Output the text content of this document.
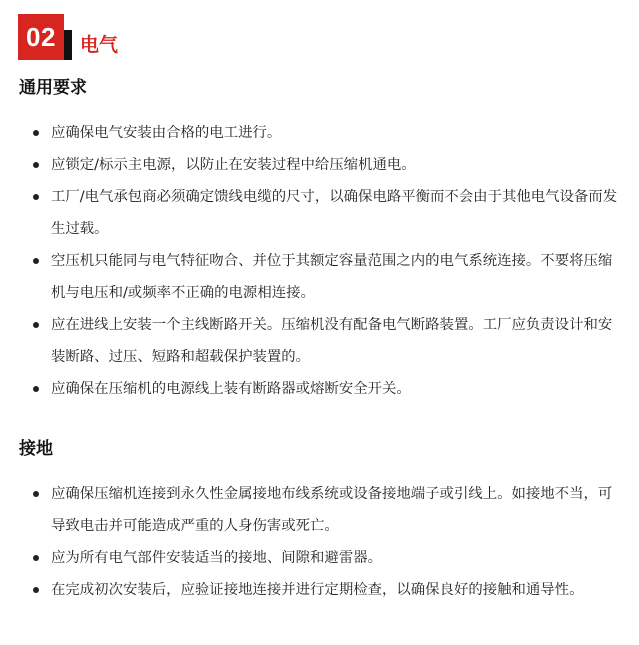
02 电气
通用要求
应确保电气安装由合格的电工进行。
应锁定/标示主电源，以防止在安装过程中给压缩机通电。
工厂/电气承包商必须确定馈线电缆的尺寸，以确保电路平衡而不会由于其他电气设备而发生过载。
空压机只能同与电气特征吻合、并位于其额定容量范围之内的电气系统连接。不要将压缩机与电压和/或频率不正确的电源相连接。
应在进线上安装一个主线断路开关。压缩机没有配备电气断路装置。工厂应负责设计和安装断路、过压、短路和超载保护装置的。
应确保在压缩机的电源线上装有断路器或熔断安全开关。
接地
应确保压缩机连接到永久性金属接地布线系统或设备接地端子或引线上。如接地不当，可导致电击并可能造成严重的人身伤害或死亡。
应为所有电气部件安装适当的接地、间隙和避雷器。
在完成初次安装后，应验证接地连接并进行定期检查，以确保良好的接触和通导性。
